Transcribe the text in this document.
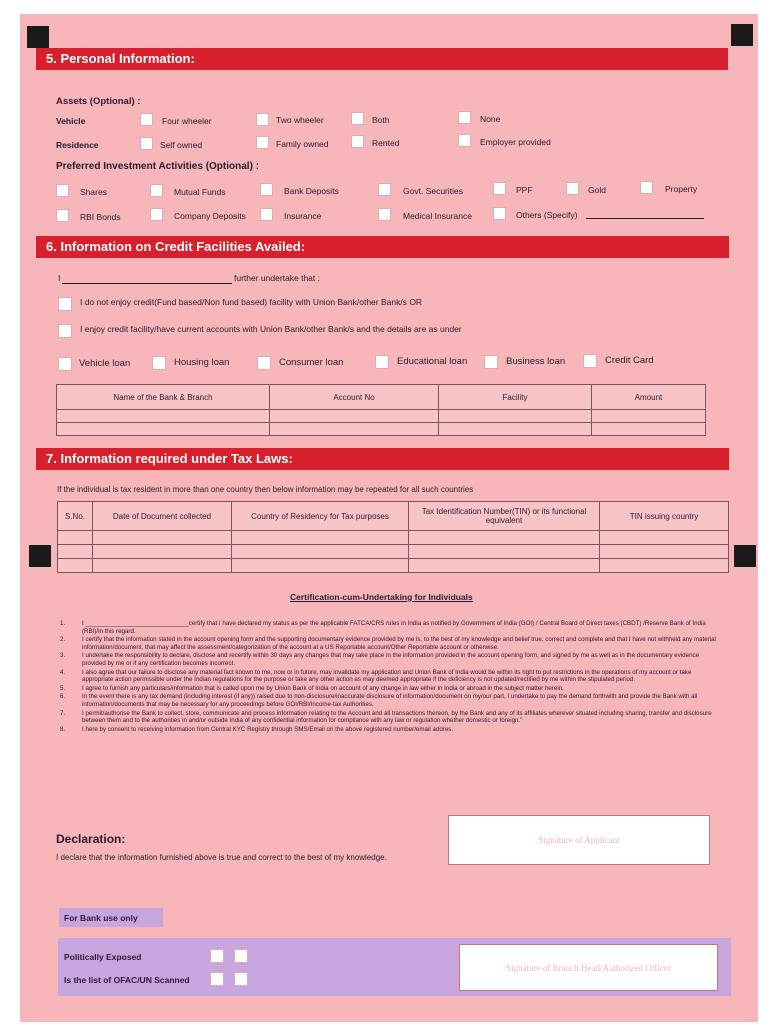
5. Personal Information:
Assets (Optional) :
Vehicle	Four wheeler	Two wheeler	Both	None
Residence	Self owned	Family owned	Rented	Employer provided
Preferred Investment Activities (Optional) :
Shares	Mutual Funds	Bank Deposits	Govt. Securities	PPF	Gold	Property
RBI Bonds	Company Deposits	Insurance	Medical Insurance	Others (Specify)
6. Information on Credit Facilities Availed:
I	further undertake that :
I do not enjoy credit(Fund based/Non fund based) facility with Union Bank/other Bank/s OR
I enjoy credit facility/have current accounts with Union Bank/other Bank/s and the details are as under
Vehicle loan	Housing loan	Consumer loan	Educational loan	Business loan	Credit Card
Name of the Bank & Branch	Account No	Facility	Amount

7. Information required under Tax Laws:
If the individual is tax resident in more than one country then below information may be repeated for all such countries
S.No.	Date of Document collected	Country of Residency for Tax purposes	Tax Identification Number(TIN) or its functional equivalent	TIN issuing country

Certification-cum-Undertaking for Individuals
1.	I ______________________________certify that I have declared my status as per the applicable FATCA/CRS rules in India as notified by Government of India (GOI) / Central Board of Direct taxes (CBDT) /Reserve Bank of India (RBI)/in this regard.
2.	I certify that the information stated in the account opening form and the supporting documentary evidence provided by me is, to the best of my knowledge and belief true, correct and complete and that I have not withheld any material information/document, that may affect the assessment/categorization of the account at a US Reportable account/Other Reportable account or otherwise.
3.	I undertake the responsibility to declare, disclose and recertify within 30 days any changes that may take place in the information provided in the account opening form, and signed by me as well as in the documentary evidence provided by me or if any certification becomes incorrect.
4.	I also agree that our failure to disclose any material fact known to me, now or in future, may invalidate my application and Union Bank of India would be within its right to put restrictions in the operations of my account or take appropriate action permissible under the Indian regulations for the purpose or take any other action as may deemed appropriate if the deficiency is not updated/rectified by me within the stipulated period.
5.	I agree to furnish any particulars/information that is called upon me by Union Bank of India on account of any change in law either in India or abroad in the subject matter herein.
6.	In the event there is any tax demand (including interest (if any)) raised due to non-disclosure/inaccurate disclosure of information/document on my/our part, I undertake to pay the demand forthwith and provide the Bank with all information/documents that may be necessary for any proceedings before GOI/RBI/Income-tax Authorities.
7.	I permit/authorise the Bank to collect, store, communicate and process information relating to the Account and all transactions thereon, by the Bank and any of its affiliates wherever situated including sharing, transfer and disclosure between them and to the authorities in and/or outside India of any confidential information for compliance with any law or regulation whether domestic or foreign."
8.	I here by consent to receiving information from Central KYC Registry through SMS/Email on the above registered number/email addres.
Declaration:
I declare that the information furnished above is true and correct to the best of my knowledge.
Signature of Applicant
For Bank use only
Politically Exposed
Is the list of OFAC/UN Scanned
Signature of Branch Head/Authorized Officer
